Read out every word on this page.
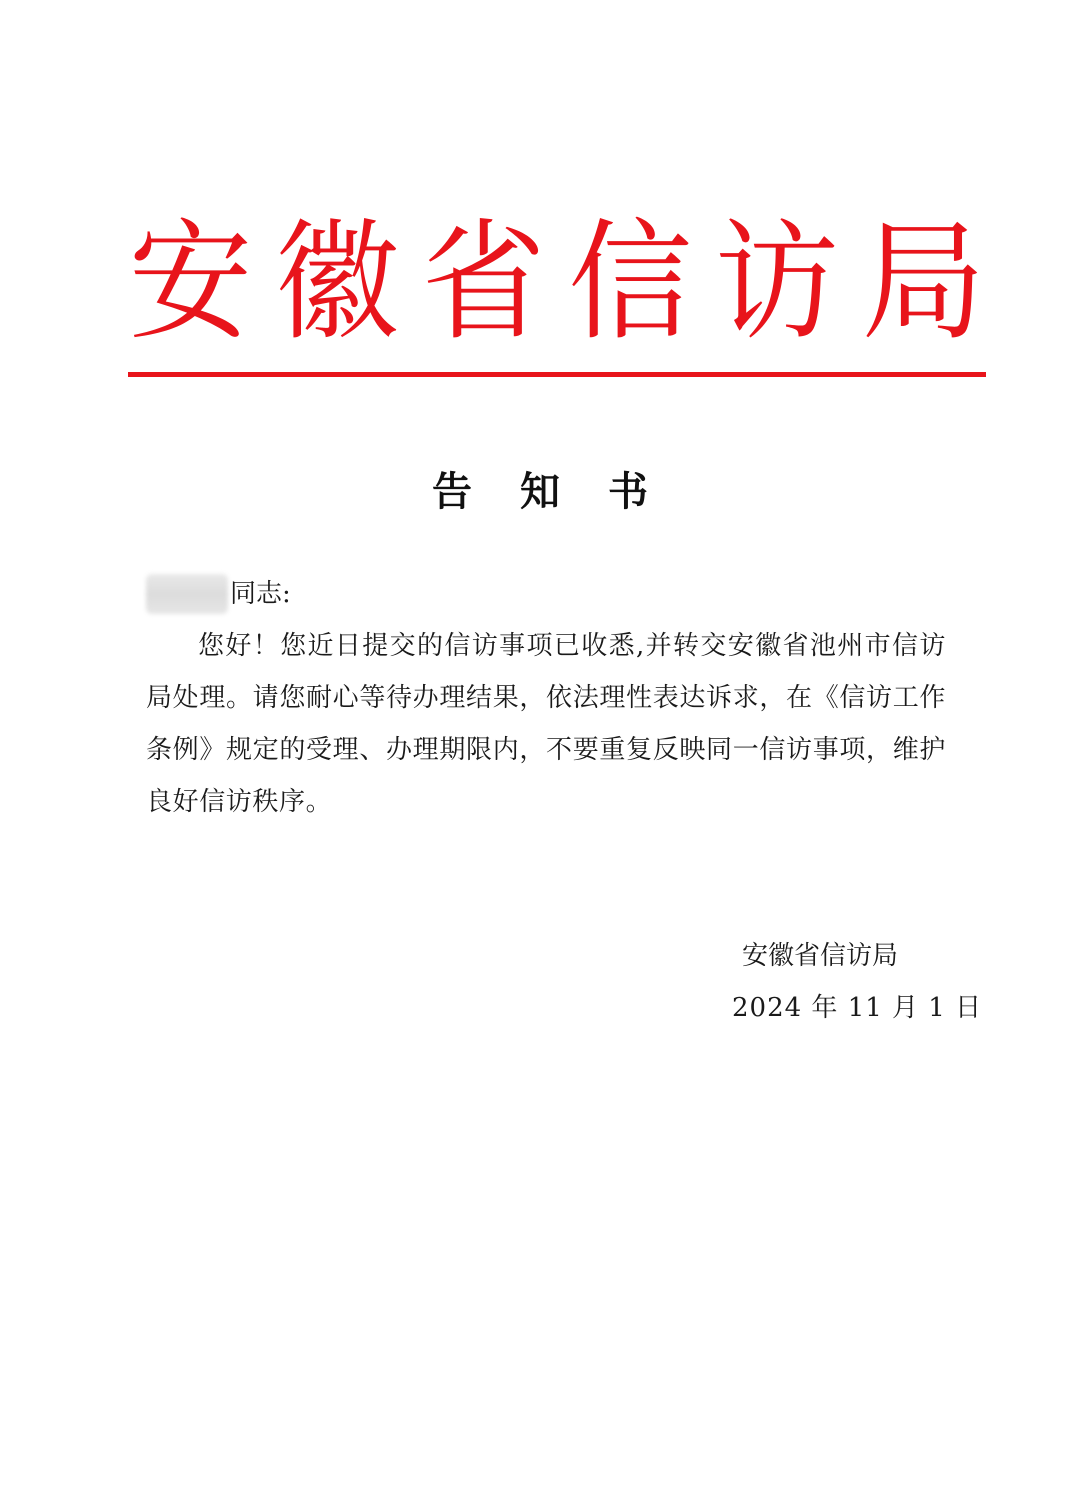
安 徽 省 信 访 局
告知书
同志:

您好！您近日提交的信访事项已收悉,并转交安徽省池州市信访局处理。请您耐心等待办理结果，依法理性表达诉求，在《信访工作条例》规定的受理、办理期限内，不要重复反映同一信访事项，维护良好信访秩序。

安徽省信访局
2024 年 11 月 1 日
